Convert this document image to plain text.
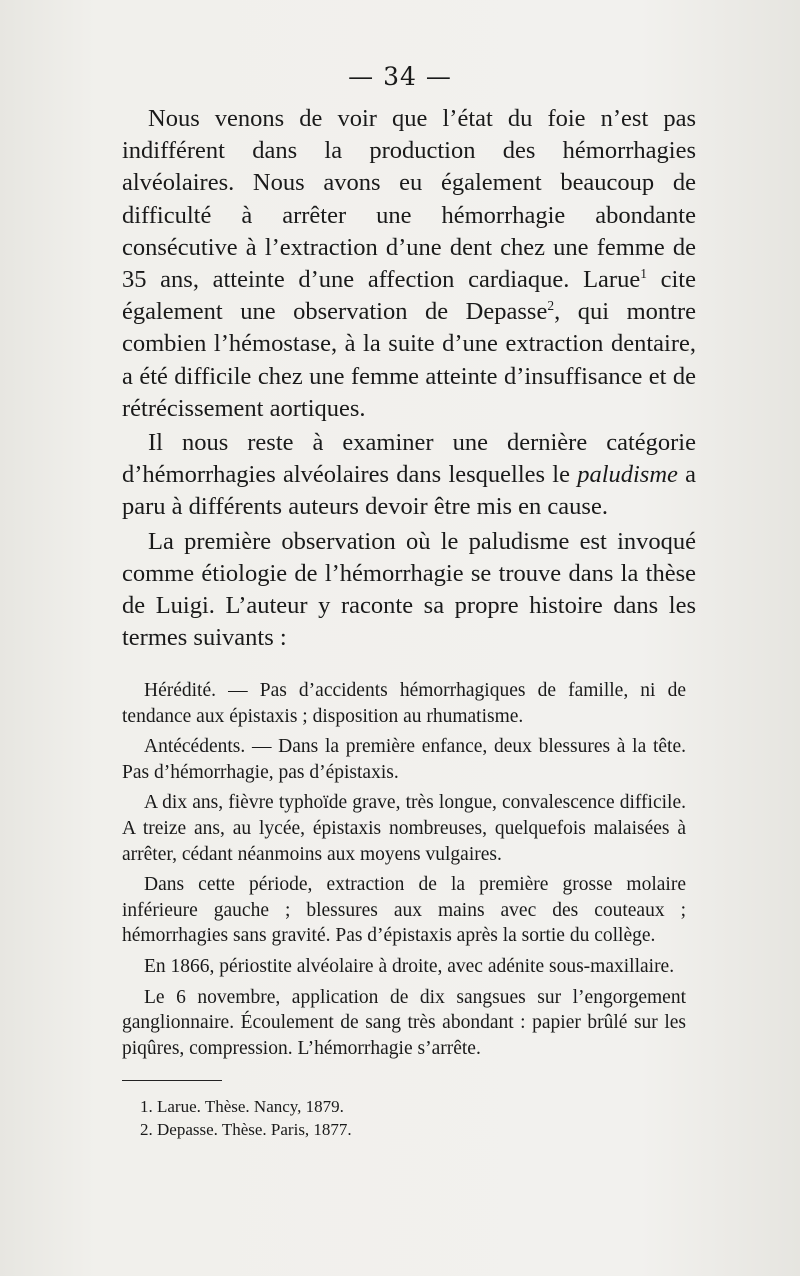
— 34 —

Nous venons de voir que l’état du foie n’est pas indifférent dans la production des hémorrhagies alvéolaires. Nous avons eu également beaucoup de difficulté à arrêter une hémorrhagie abondante consécutive à l’extraction d’une dent chez une femme de 35 ans, atteinte d’une affection cardiaque. Larue$^1$ cite également une observation de Depasse$^2$, qui montre combien l’hémostase, à la suite d’une extraction dentaire, a été difficile chez une femme atteinte d’insuffisance et de rétrécissement aortiques.

Il nous reste à examiner une dernière catégorie d’hémorrhagies alvéolaires dans lesquelles le paludisme a paru à différents auteurs devoir être mis en cause.

La première observation où le paludisme est invoqué comme étiologie de l’hémorrhagie se trouve dans la thèse de Luigi. L’auteur y raconte sa propre histoire dans les termes suivants :

Hérédité. — Pas d’accidents hémorrhagiques de famille, ni de tendance aux épistaxis ; disposition au rhumatisme.

Antécédents. — Dans la première enfance, deux blessures à la tête. Pas d’hémorrhagie, pas d’épistaxis.

A dix ans, fièvre typhoïde grave, très longue, convalescence difficile. A treize ans, au lycée, épistaxis nombreuses, quelquefois malaisées à arrêter, cédant néanmoins aux moyens vulgaires.

Dans cette période, extraction de la première grosse molaire inférieure gauche ; blessures aux mains avec des couteaux ; hémorrhagies sans gravité. Pas d’épistaxis après la sortie du collège.

En 1866, périostite alvéolaire à droite, avec adénite sous-maxillaire.

Le 6 novembre, application de dix sangsues sur l’engorgement ganglionnaire. Écoulement de sang très abondant : papier brûlé sur les piqûres, compression. L’hémorrhagie s’arrête.

1. Larue. Thèse. Nancy, 1879.
2. Depasse. Thèse. Paris, 1877.
